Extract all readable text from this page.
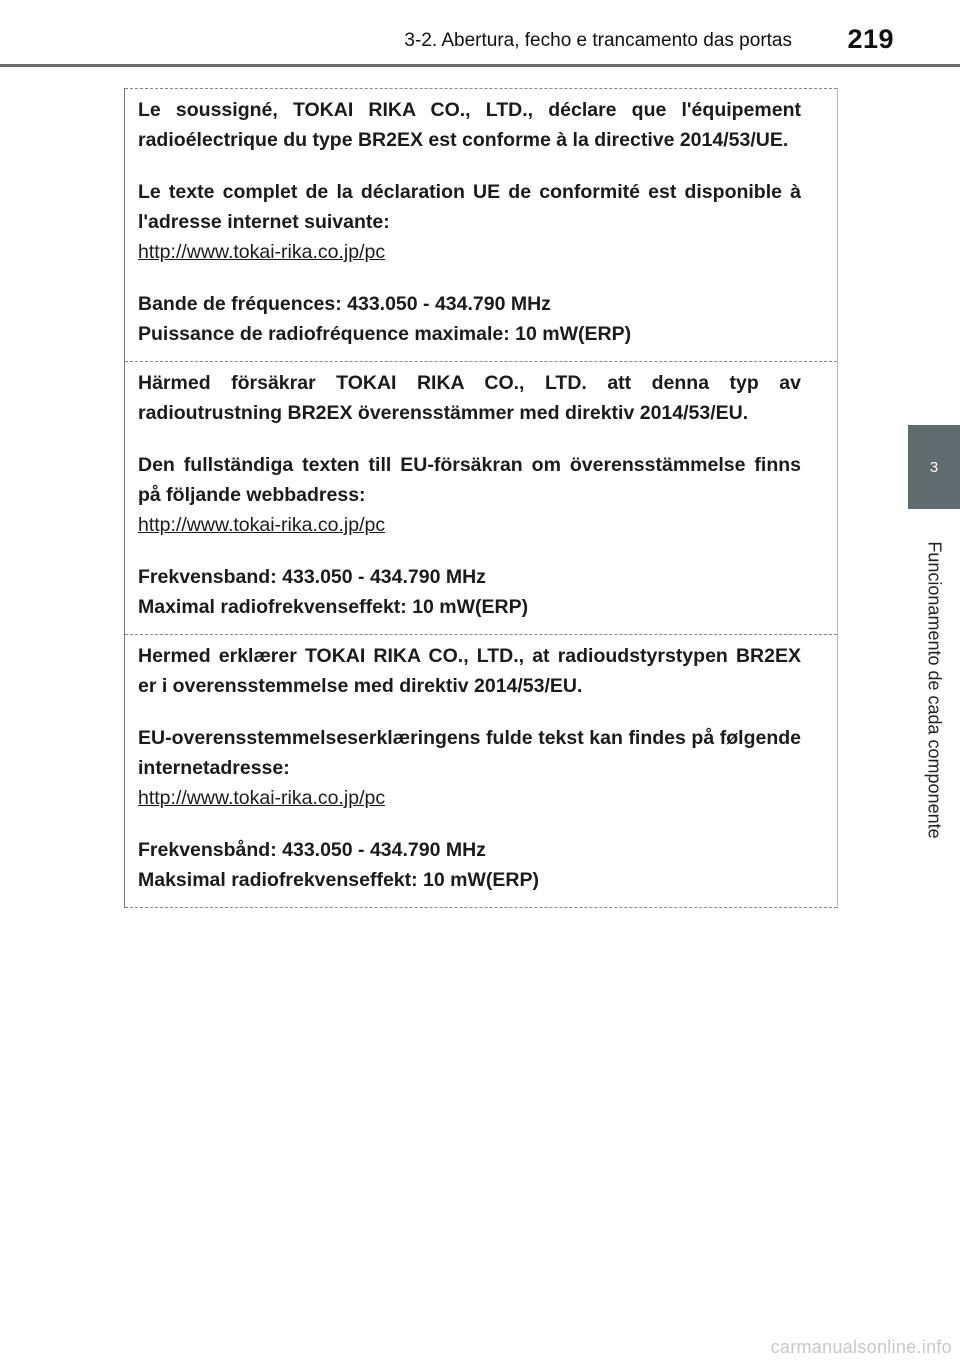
3-2. Abertura, fecho e trancamento das portas 219
3
Funcionamento de cada componente

Le soussigné, TOKAI RIKA CO., LTD., déclare que l'équipement radioélectrique du type BR2EX est conforme à la directive 2014/53/UE.

Le texte complet de la déclaration UE de conformité est disponible à l'adresse internet suivante:

http://www.tokai-rika.co.jp/pc

Bande de fréquences: 433.050 - 434.790 MHz

Puissance de radiofréquence maximale: 10 mW(ERP)

Härmed försäkrar TOKAI RIKA CO., LTD. att denna typ av radioutrustning BR2EX överensstämmer med direktiv 2014/53/EU.

Den fullständiga texten till EU-försäkran om överensstämmelse finns på följande webbadress:

http://www.tokai-rika.co.jp/pc

Frekvensband: 433.050 - 434.790 MHz

Maximal radiofrekvenseffekt: 10 mW(ERP)

Hermed erklærer TOKAI RIKA CO., LTD., at radioudstyrstypen BR2EX er i overensstemmelse med direktiv 2014/53/EU.

EU-overensstemmelseserklæringens fulde tekst kan findes på følgende internetadresse:

http://www.tokai-rika.co.jp/pc

Frekvensbånd: 433.050 - 434.790 MHz

Maksimal radiofrekvenseffekt: 10 mW(ERP)

carmanualsonline.info
